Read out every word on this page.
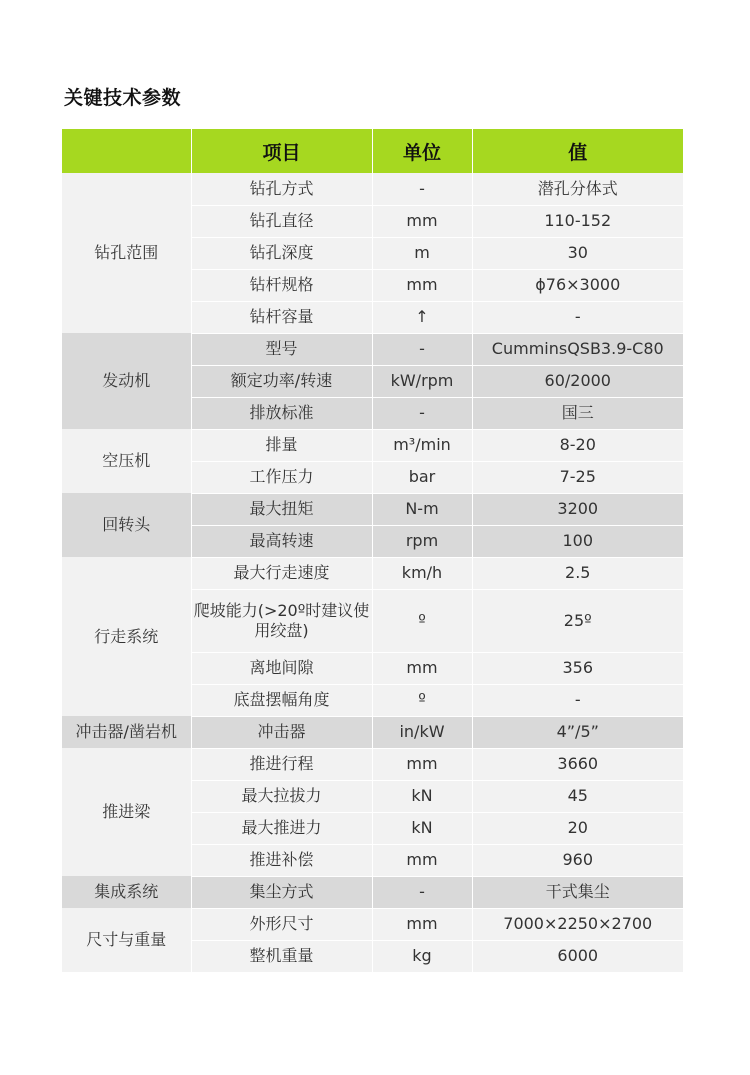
关键技术参数
	项目	单位	值
钻孔范围	钻孔方式	-	潜孔分体式
	钻孔直径	mm	110-152
	钻孔深度	m	30
	钻杆规格	mm	ϕ76×3000
	钻杆容量	↑	-
发动机	型号	-	CumminsQSB3.9-C80
	额定功率/转速	kW/rpm	60/2000
	排放标准	-	国三
空压机	排量	m³/min	8-20
	工作压力	bar	7-25
回转头	最大扭矩	N-m	3200
	最高转速	rpm	100
行走系统	最大行走速度	km/h	2.5
	爬坡能力(>20º时建议使用绞盘)	º	25º
	离地间隙	mm	356
	底盘摆幅角度	º	-
冲击器/凿岩机	冲击器	in/kW	4”/5”
推进梁	推进行程	mm	3660
	最大拉拔力	kN	45
	最大推进力	kN	20
	推进补偿	mm	960
集成系统	集尘方式	-	干式集尘
尺寸与重量	外形尺寸	mm	7000×2250×2700
	整机重量	kg	6000
